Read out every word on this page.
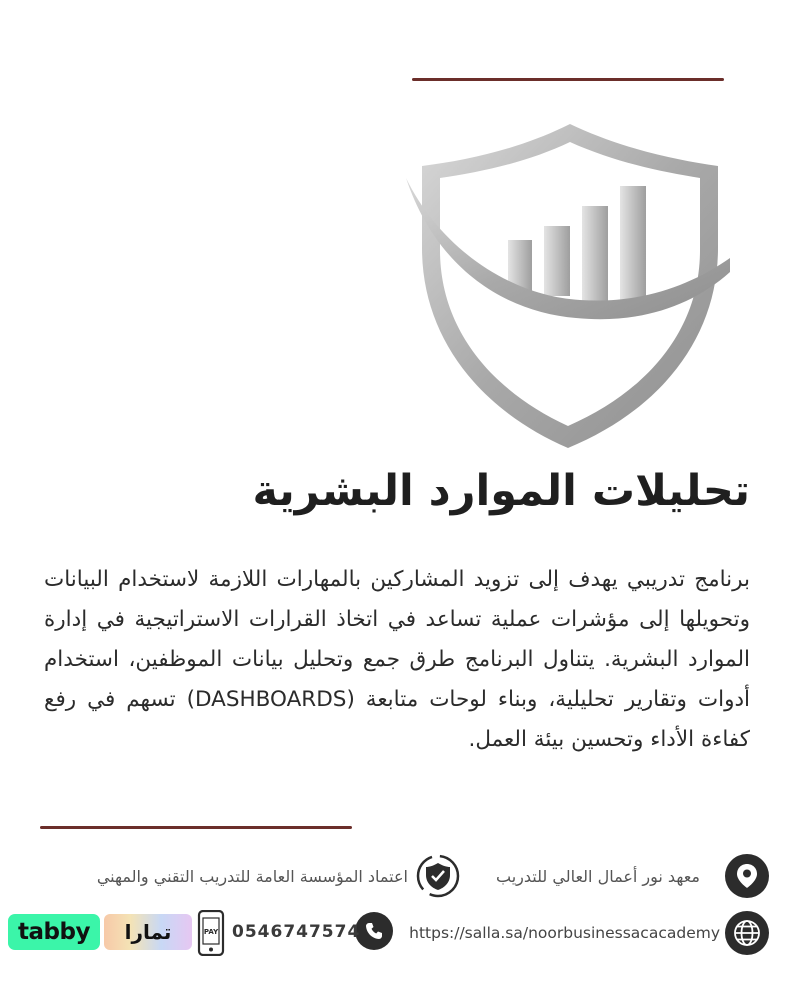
تحليلات الموارد البشرية

برنامج تدريبي يهدف إلى تزويد المشاركين بالمهارات اللازمة لاستخدام البيانات وتحويلها إلى مؤشرات عملية تساعد في اتخاذ القرارات الاستراتيجية في إدارة الموارد البشرية. يتناول البرنامج طرق جمع وتحليل بيانات الموظفين، استخدام أدوات وتقارير تحليلية، وبناء لوحات متابعة (DASHBOARDS) تسهم في رفع كفاءة الأداء وتحسين بيئة العمل.

معهد نور أعمال العالي للتدريب
اعتماد المؤسسة العامة للتدريب التقني والمهني
https://salla.sa/noorbusinessacacademy
0546747574
PAY
تمارا
tabby
